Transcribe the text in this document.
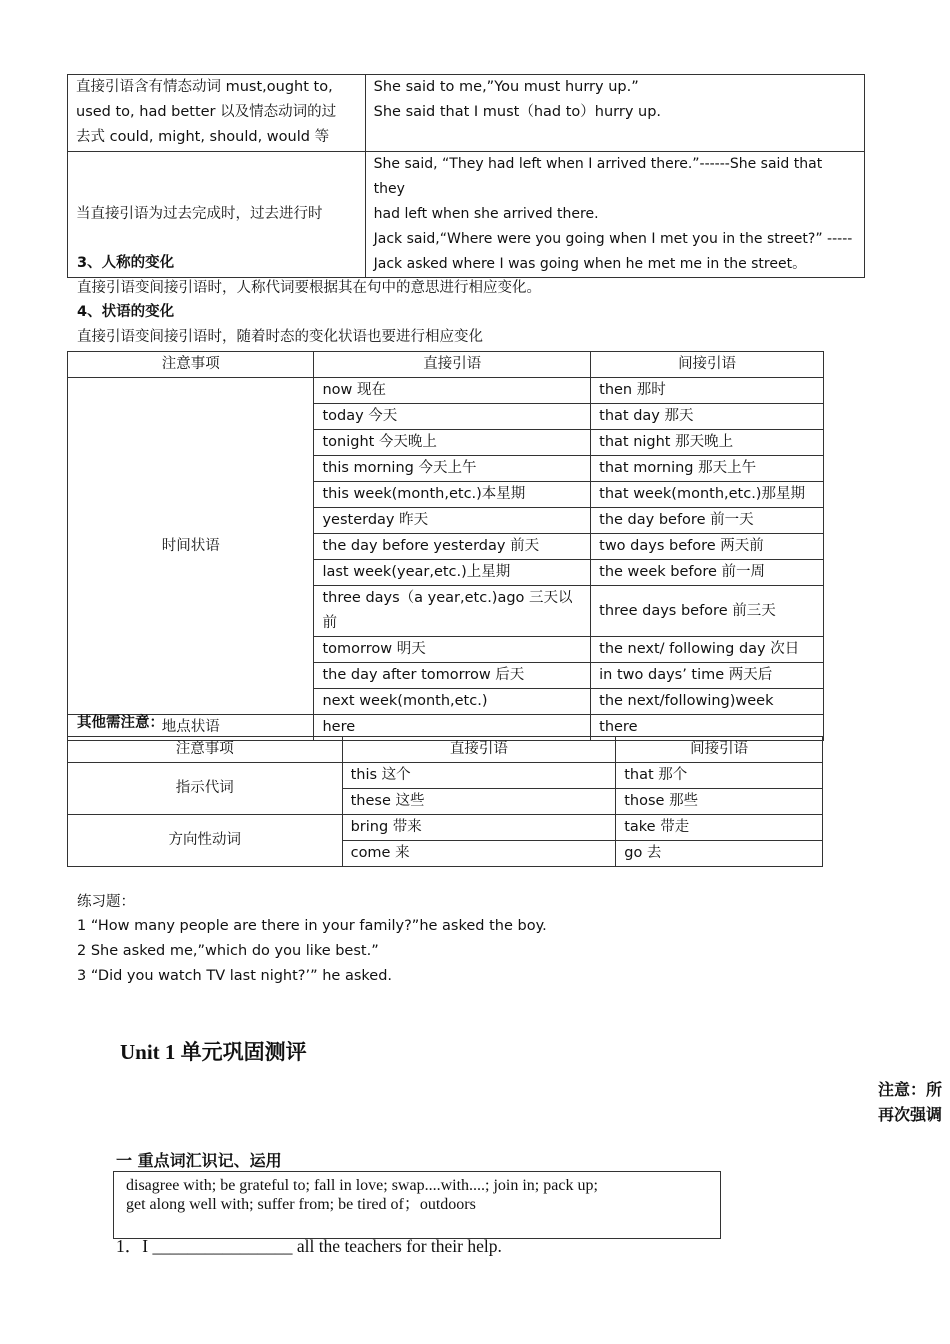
直接引语含有情态动词 must,ought to,
used to, had better 以及情态动词的过
去式 could, might, should, would 等	She said to me,”You must hurry up.”
She said that I must（had to）hurry up.

当直接引语为过去完成时，过去进行时	She said, “They had left when I arrived there.”------She said that they
had left when she arrived there.
Jack said,“Where were you going when I met you in the street?” -----
Jack asked where I was going when he met me in the street。
3、人称的变化
直接引语变间接引语时，人称代词要根据其在句中的意思进行相应变化。
4、状语的变化
直接引语变间接引语时，随着时态的变化状语也要进行相应变化
注意事项	直接引语	间接引语
时间状语	now 现在	then 那时
	today 今天	that day 那天
	tonight 今天晚上	that night 那天晚上
	this morning 今天上午	that morning 那天上午
	this week(month,etc.)本星期	that week(month,etc.)那星期
	yesterday 昨天	the day before 前一天
	the day before yesterday 前天	two days before 两天前
	last week(year,etc.)上星期	the week before 前一周
	three days（a year,etc.)ago 三天以前	three days before 前三天
	tomorrow 明天	the next/ following day 次日
	the day after tomorrow 后天	in two days’ time 两天后
	next week(month,etc.)	the next/following)week
地点状语	here	there
其他需注意：
注意事项	直接引语	间接引语
指示代词	this 这个	that 那个
	these 这些	those 那些
方向性动词	bring 带来	take 带走
	come 来	go 去
练习题：
1 “How many people are there in your family?”he asked the boy.
2 She asked me,”which do you like best.”
3 “Did you watch TV last night?’” he asked.
Unit 1 单元巩固测评
注意：所
再次强调
一 重点词汇识记、运用
disagree with; be grateful to; fall in love; swap....with....; join in; pack up;
get along well with; suffer from; be tired of；outdoors
1．I ________________ all the teachers for their help.
